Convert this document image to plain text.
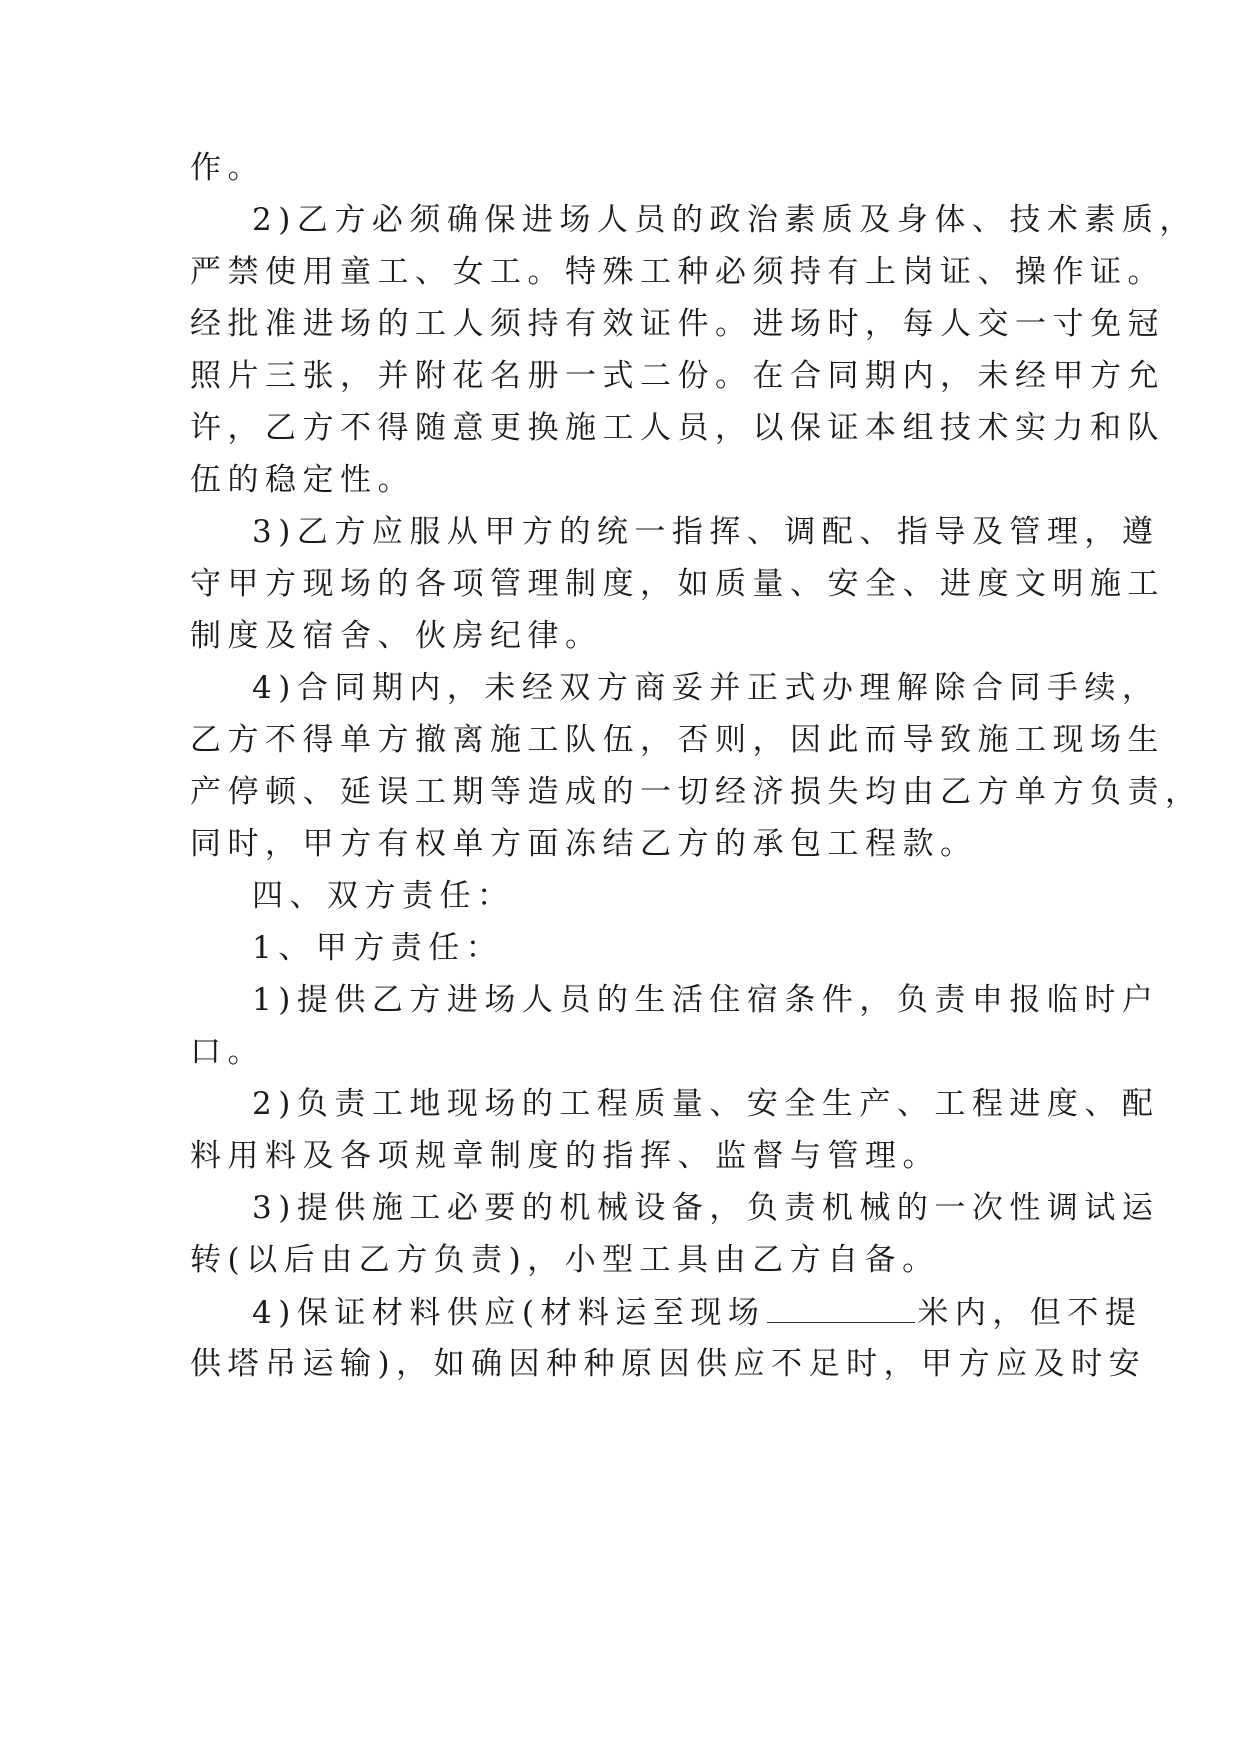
作。
2)乙方必须确保进场人员的政治素质及身体、技术素质，
严禁使用童工、女工。特殊工种必须持有上岗证、操作证。
经批准进场的工人须持有效证件。进场时，每人交一寸免冠
照片三张，并附花名册一式二份。在合同期内，未经甲方允
许，乙方不得随意更换施工人员，以保证本组技术实力和队
伍的稳定性。
3)乙方应服从甲方的统一指挥、调配、指导及管理，遵
守甲方现场的各项管理制度，如质量、安全、进度文明施工
制度及宿舍、伙房纪律。
4)合同期内，未经双方商妥并正式办理解除合同手续，
乙方不得单方撤离施工队伍，否则，因此而导致施工现场生
产停顿、延误工期等造成的一切经济损失均由乙方单方负责，
同时，甲方有权单方面冻结乙方的承包工程款。
四、双方责任：
1、甲方责任：
1)提供乙方进场人员的生活住宿条件，负责申报临时户
口。
2)负责工地现场的工程质量、安全生产、工程进度、配
料用料及各项规章制度的指挥、监督与管理。
3)提供施工必要的机械设备，负责机械的一次性调试运
转(以后由乙方负责)，小型工具由乙方自备。
4)保证材料供应(材料运至现场	米内，但不提
供塔吊运输)，如确因种种原因供应不足时，甲方应及时安
